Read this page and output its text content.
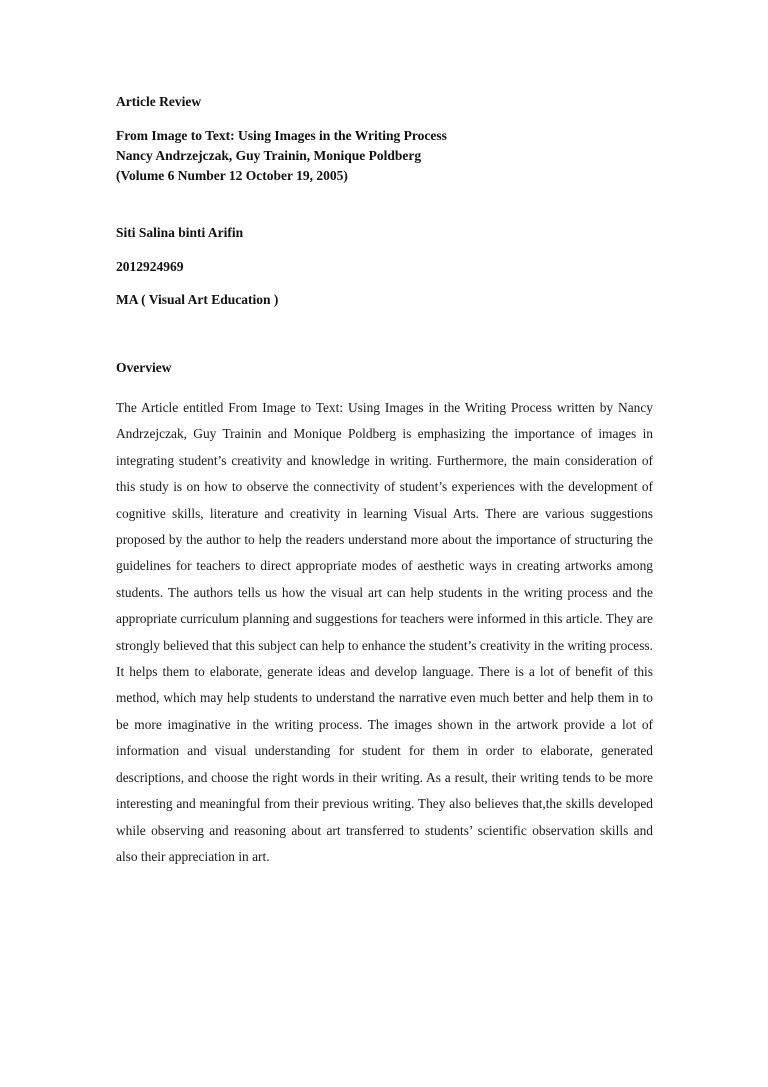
Article Review
From Image to Text: Using Images in the Writing Process
Nancy Andrzejczak, Guy Trainin, Monique Poldberg
(Volume 6 Number 12 October 19, 2005)
Siti Salina binti Arifin
2012924969
MA ( Visual Art Education )
Overview

The Article entitled From Image to Text: Using Images in the Writing Process written by Nancy Andrzejczak, Guy Trainin and Monique Poldberg is emphasizing the importance of images in integrating student’s creativity and knowledge in writing. Furthermore, the main consideration of this study is on how to observe the connectivity of student’s experiences with the development of cognitive skills, literature and creativity in learning Visual Arts. There are various suggestions proposed by the author to help the readers understand more about the importance of structuring the guidelines for teachers to direct appropriate modes of aesthetic ways in creating artworks among students. The authors tells us how the visual art can help students in the writing process and the appropriate curriculum planning and suggestions for teachers were informed in this article. They are strongly believed that this subject can help to enhance the student’s creativity in the writing process. It helps them to elaborate, generate ideas and develop language. There is a lot of benefit of this method, which may help students to understand the narrative even much better and help them in to be more imaginative in the writing process. The images shown in the artwork provide a lot of information and visual understanding for student for them in order to elaborate, generated descriptions, and choose the right words in their writing. As a result, their writing tends to be more interesting and meaningful from their previous writing. They also believes that,the skills developed while observing and reasoning about art transferred to students’ scientific observation skills and also their appreciation in art.
